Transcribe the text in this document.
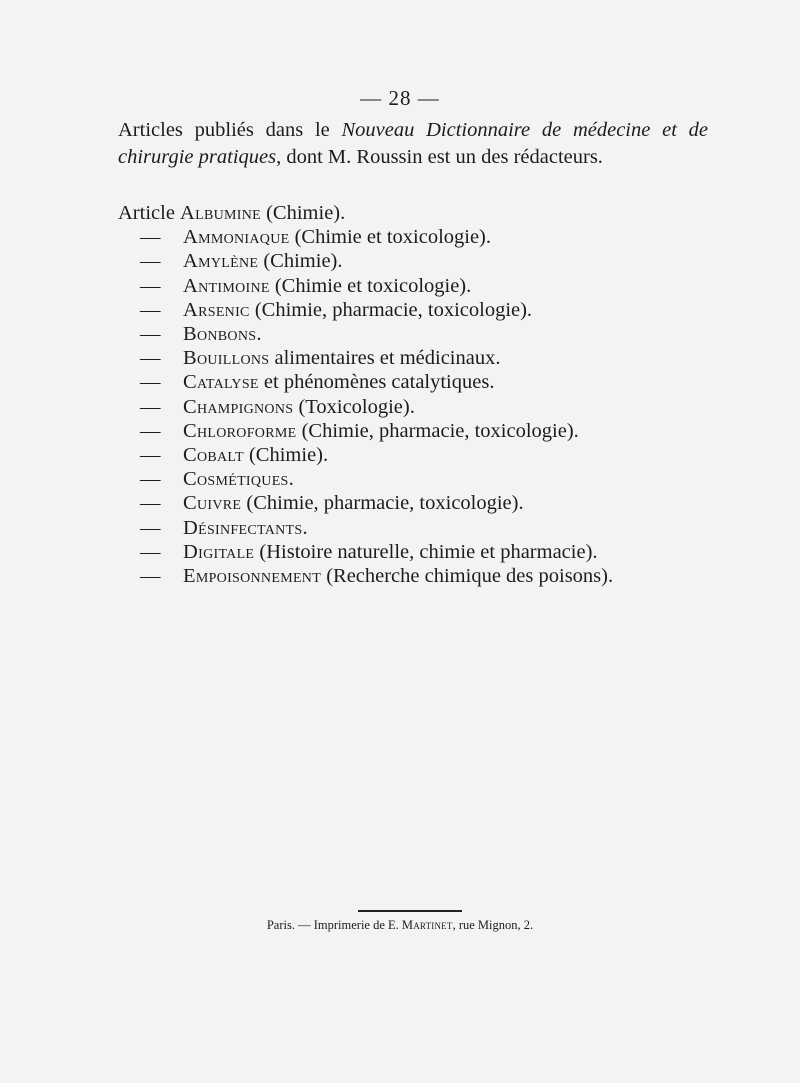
— 28 —
Articles publiés dans le Nouveau Dictionnaire de médecine et de chirurgie pratiques, dont M. Roussin est un des rédacteurs.
Article Albumine (Chimie).
— Ammoniaque (Chimie et toxicologie).
— Amylène (Chimie).
— Antimoine (Chimie et toxicologie).
— Arsenic (Chimie, pharmacie, toxicologie).
— Bonbons.
— Bouillons alimentaires et médicinaux.
— Catalyse et phénomènes catalytiques.
— Champignons (Toxicologie).
— Chloroforme (Chimie, pharmacie, toxicologie).
— Cobalt (Chimie).
— Cosmétiques.
— Cuivre (Chimie, pharmacie, toxicologie).
— Désinfectants.
— Digitale (Histoire naturelle, chimie et pharmacie).
— Empoisonnement (Recherche chimique des poisons).
Paris. — Imprimerie de E. Martinet, rue Mignon, 2.
